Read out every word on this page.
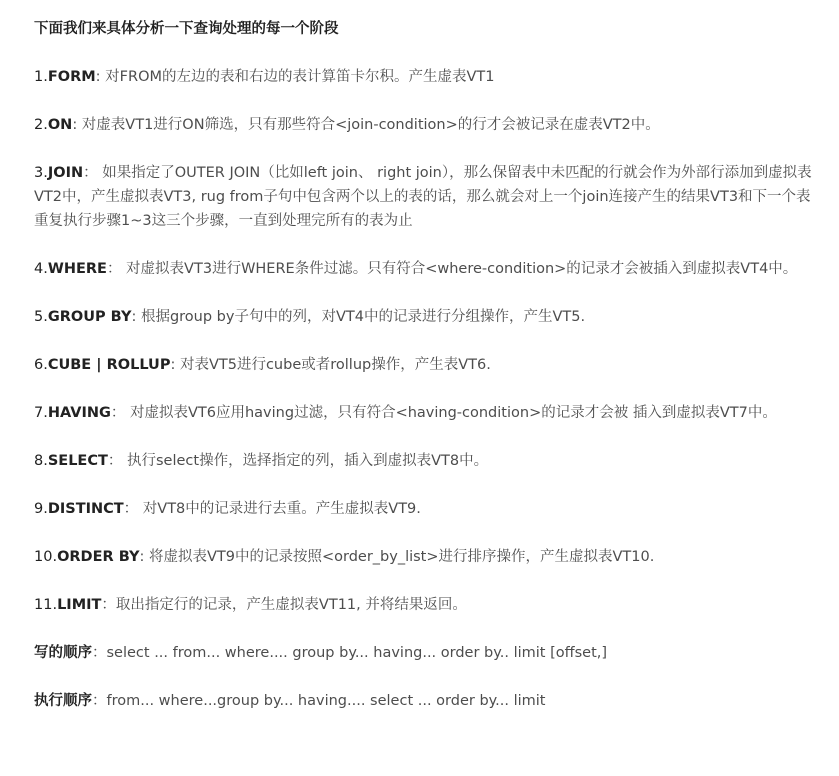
下面我们来具体分析一下查询处理的每一个阶段

1.FORM: 对FROM的左边的表和右边的表计算笛卡尔积。产生虚表VT1

2.ON: 对虚表VT1进行ON筛选，只有那些符合<join-condition>的行才会被记录在虚表VT2中。

3.JOIN： 如果指定了OUTER JOIN（比如left join、 right join），那么保留表中未匹配的行就会作为外部行添加到虚拟表VT2中，产生虚拟表VT3, rug from子句中包含两个以上的表的话，那么就会对上一个join连接产生的结果VT3和下一个表重复执行步骤1~3这三个步骤，一直到处理完所有的表为止

4.WHERE： 对虚拟表VT3进行WHERE条件过滤。只有符合<where-condition>的记录才会被插入到虚拟表VT4中。

5.GROUP BY: 根据group by子句中的列，对VT4中的记录进行分组操作，产生VT5.

6.CUBE | ROLLUP: 对表VT5进行cube或者rollup操作，产生表VT6.

7.HAVING： 对虚拟表VT6应用having过滤，只有符合<having-condition>的记录才会被 插入到虚拟表VT7中。

8.SELECT： 执行select操作，选择指定的列，插入到虚拟表VT8中。

9.DISTINCT： 对VT8中的记录进行去重。产生虚拟表VT9.

10.ORDER BY: 将虚拟表VT9中的记录按照<order_by_list>进行排序操作，产生虚拟表VT10.

11.LIMIT：取出指定行的记录，产生虚拟表VT11, 并将结果返回。

写的顺序：select ... from... where.... group by... having... order by.. limit [offset,]

执行顺序：from... where...group by... having.... select ... order by... limit
